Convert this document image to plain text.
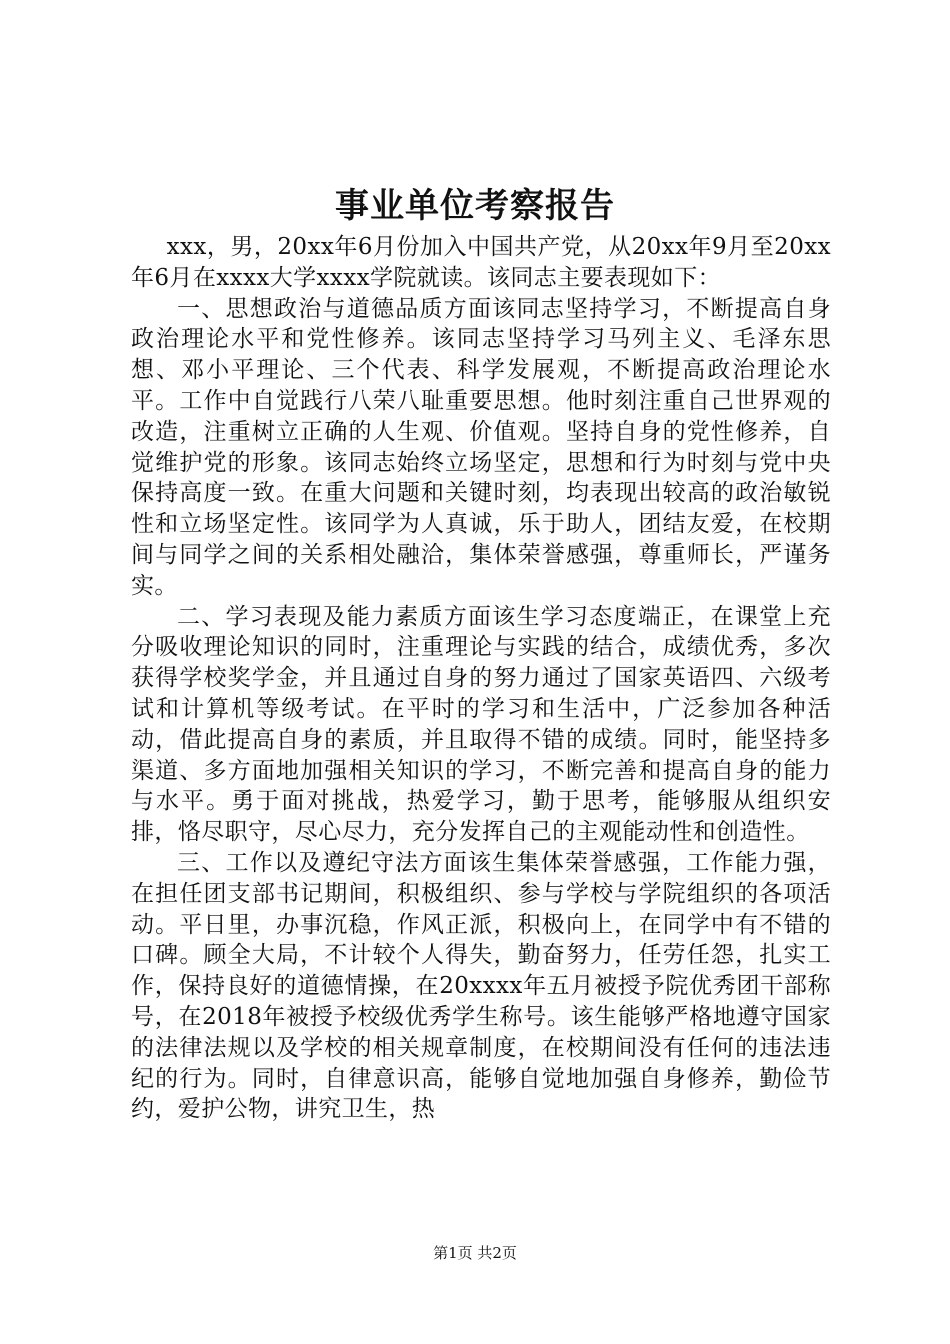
事业单位考察报告

xxx，男，20xx年6月份加入中国共产党，从20xx年9月至20xx年6月在xxxx大学xxxx学院就读。该同志主要表现如下：

一、思想政治与道德品质方面该同志坚持学习，不断提高自身政治理论水平和党性修养。该同志坚持学习马列主义、毛泽东思想、邓小平理论、三个代表、科学发展观，不断提高政治理论水平。工作中自觉践行八荣八耻重要思想。他时刻注重自己世界观的改造，注重树立正确的人生观、价值观。坚持自身的党性修养，自觉维护党的形象。该同志始终立场坚定，思想和行为时刻与党中央保持高度一致。在重大问题和关键时刻，均表现出较高的政治敏锐性和立场坚定性。该同学为人真诚，乐于助人，团结友爱，在校期间与同学之间的关系相处融洽，集体荣誉感强，尊重师长，严谨务实。

二、学习表现及能力素质方面该生学习态度端正，在课堂上充分吸收理论知识的同时，注重理论与实践的结合，成绩优秀，多次获得学校奖学金，并且通过自身的努力通过了国家英语四、六级考试和计算机等级考试。在平时的学习和生活中，广泛参加各种活动，借此提高自身的素质，并且取得不错的成绩。同时，能坚持多渠道、多方面地加强相关知识的学习，不断完善和提高自身的能力与水平。勇于面对挑战，热爱学习，勤于思考，能够服从组织安排，恪尽职守，尽心尽力，充分发挥自己的主观能动性和创造性。

三、工作以及遵纪守法方面该生集体荣誉感强，工作能力强，在担任团支部书记期间，积极组织、参与学校与学院组织的各项活动。平日里，办事沉稳，作风正派，积极向上，在同学中有不错的口碑。顾全大局，不计较个人得失，勤奋努力，任劳任怨，扎实工作，保持良好的道德情操，在20xxxx年五月被授予院优秀团干部称号，在2018年被授予校级优秀学生称号。该生能够严格地遵守国家的法律法规以及学校的相关规章制度，在校期间没有任何的违法违纪的行为。同时，自律意识高，能够自觉地加强自身修养，勤俭节约，爱护公物，讲究卫生，热

第1页 共2页
